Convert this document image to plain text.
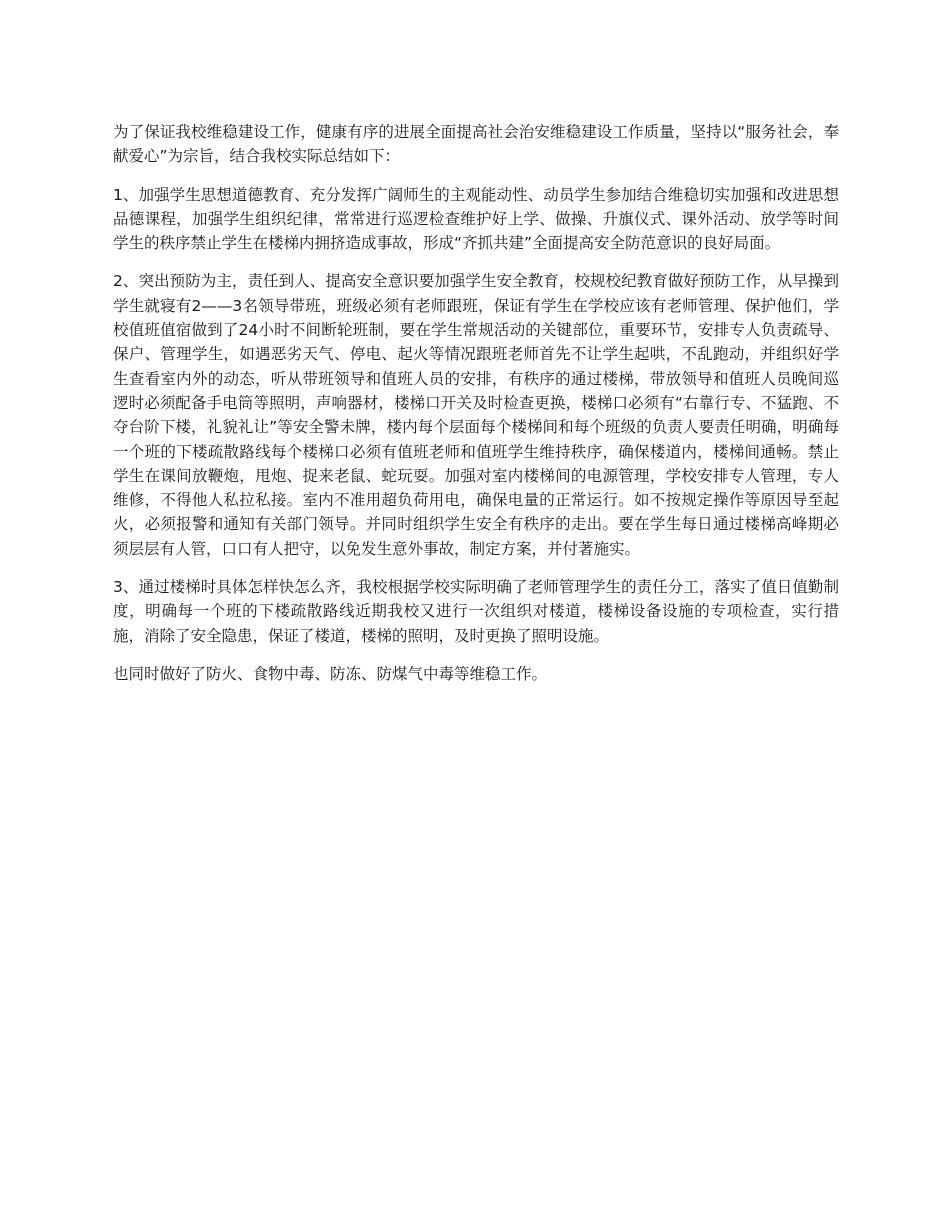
为了保证我校维稳建设工作，健康有序的进展全面提高社会治安维稳建设工作质量，坚持以“服务社会，奉献爱心”为宗旨，结合我校实际总结如下：

1、加强学生思想道德教育、充分发挥广阔师生的主观能动性、动员学生参加结合维稳切实加强和改进思想品德课程，加强学生组织纪律，常常进行巡逻检查维护好上学、做操、升旗仪式、课外活动、放学等时间学生的秩序禁止学生在楼梯内拥挤造成事故，形成“齐抓共建”全面提高安全防范意识的良好局面。

2、突出预防为主，责任到人、提高安全意识要加强学生安全教育，校规校纪教育做好预防工作，从早操到学生就寝有2——3名领导带班，班级必须有老师跟班，保证有学生在学校应该有老师管理、保护他们，学校值班值宿做到了24小时不间断轮班制，要在学生常规活动的关键部位，重要环节，安排专人负责疏导、保户、管理学生，如遇恶劣天气、停电、起火等情况跟班老师首先不让学生起哄，不乱跑动，并组织好学生查看室内外的动态，听从带班领导和值班人员的安排，有秩序的通过楼梯，带放领导和值班人员晚间巡逻时必须配备手电筒等照明，声响器材，楼梯口开关及时检查更换，楼梯口必须有“右靠行专、不猛跑、不夺台阶下楼，礼貌礼让”等安全警未牌，楼内每个层面每个楼梯间和每个班级的负责人要责任明确，明确每一个班的下楼疏散路线每个楼梯口必须有值班老师和值班学生维持秩序，确保楼道内，楼梯间通畅。禁止学生在课间放鞭炮，甩炮、捉来老鼠、蛇玩耍。加强对室内楼梯间的电源管理，学校安排专人管理，专人维修，不得他人私拉私接。室内不准用超负荷用电，确保电量的正常运行。如不按规定操作等原因导至起火，必须报警和通知有关部门领导。并同时组织学生安全有秩序的走出。要在学生每日通过楼梯高峰期必须层层有人管，口口有人把守，以免发生意外事故，制定方案，并付著施实。

3、通过楼梯时具体怎样快怎么齐，我校根据学校实际明确了老师管理学生的责任分工，落实了值日值勤制度，明确每一个班的下楼疏散路线近期我校又进行一次组织对楼道，楼梯设备设施的专项检查，实行措施，消除了安全隐患，保证了楼道，楼梯的照明，及时更换了照明设施。

也同时做好了防火、食物中毒、防冻、防煤气中毒等维稳工作。
